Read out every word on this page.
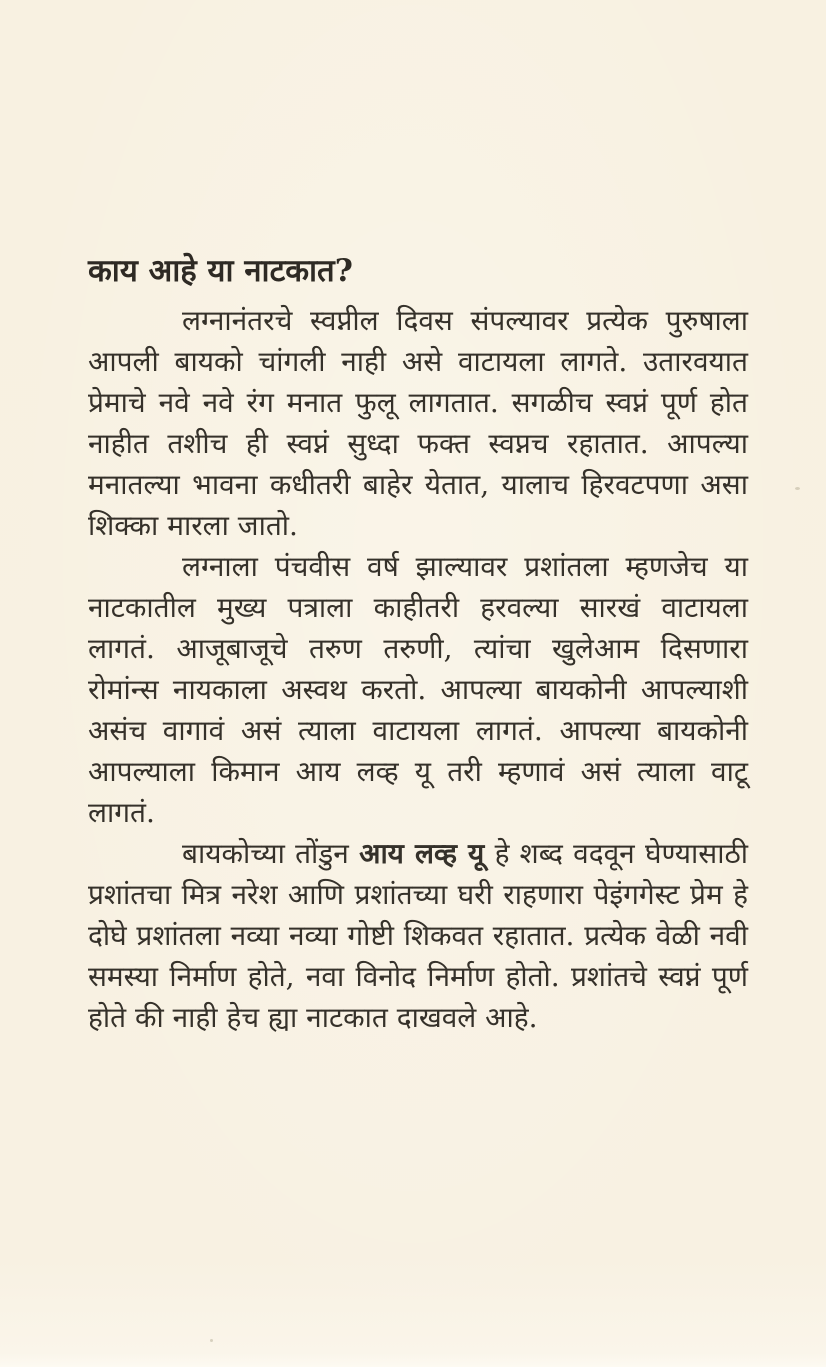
काय आहे या नाटकात?

लग्नानंतरचे स्वप्नील दिवस संपल्यावर प्रत्येक पुरुषाला आपली बायको चांगली नाही असे वाटायला लागते. उतारवयात प्रेमाचे नवे नवे रंग मनात फुलू लागतात. सगळीच स्वप्नं पूर्ण होत नाहीत तशीच ही स्वप्नं सुध्दा फक्त स्वप्नच रहातात. आपल्या मनातल्या भावना कधीतरी बाहेर येतात, यालाच हिरवटपणा असा शिक्का मारला जातो.

लग्नाला पंचवीस वर्ष झाल्यावर प्रशांतला म्हणजेच या नाटकातील मुख्य पत्राला काहीतरी हरवल्या सारखं वाटायला लागतं. आजूबाजूचे तरुण तरुणी, त्यांचा खुलेआम दिसणारा रोमांन्स नायकाला अस्वथ करतो. आपल्या बायकोनी आपल्याशी असंच वागावं असं त्याला वाटायला लागतं. आपल्या बायकोनी आपल्याला किमान आय लव्ह यू तरी म्हणावं असं त्याला वाटू लागतं.

बायकोच्या तोंडुन आय लव्ह यू हे शब्द वदवून घेण्यासाठी प्रशांतचा मित्र नरेश आणि प्रशांतच्या घरी राहणारा पेइंगगेस्ट प्रेम हे दोघे प्रशांतला नव्या नव्या गोष्टी शिकवत रहातात. प्रत्येक वेळी नवी समस्या निर्माण होते, नवा विनोद निर्माण होतो. प्रशांतचे स्वप्नं पूर्ण होते की नाही हेच ह्या नाटकात दाखवले आहे.
